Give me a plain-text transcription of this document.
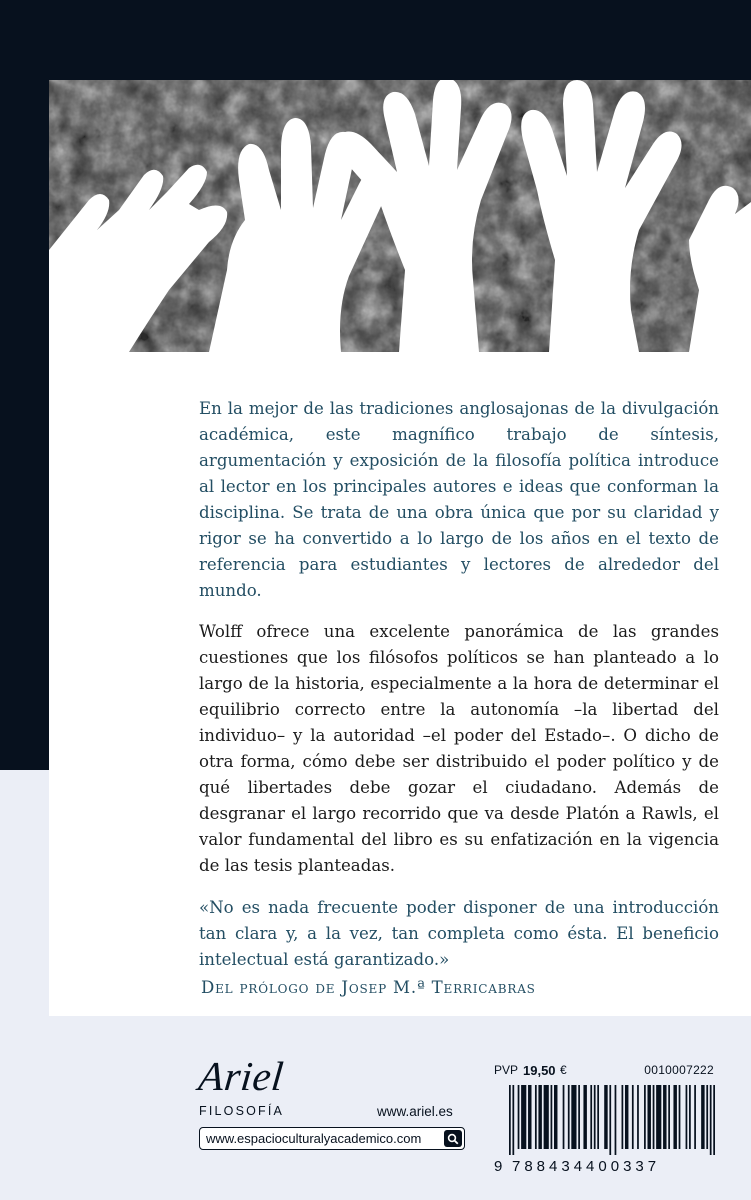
En la mejor de las tradiciones anglosajonas de la divulgación académica, este magnífico trabajo de síntesis, argumentación y exposición de la filosofía política introduce al lector en los principales autores e ideas que conforman la disciplina. Se trata de una obra única que por su claridad y rigor se ha convertido a lo largo de los años en el texto de referencia para estudiantes y lectores de alrededor del mundo.

Wolff ofrece una excelente panorámica de las grandes cuestiones que los filósofos políticos se han planteado a lo largo de la historia, especialmente a la hora de determinar el equilibrio correcto entre la autonomía –la libertad del individuo– y la autoridad –el poder del Estado–. O dicho de otra forma, cómo debe ser distribuido el poder político y de qué libertades debe gozar el ciudadano. Además de desgranar el largo recorrido que va desde Platón a Rawls, el valor fundamental del libro es su enfatización en la vigencia de las tesis planteadas.

«No es nada frecuente poder disponer de una introducción tan clara y, a la vez, tan completa como ésta. El beneficio intelectual está garantizado.»

Del prólogo de Josep M.ª Terricabras

Ariel
FILOSOFÍA	www.ariel.es
www.espacioculturalyacademico.com
PVP 19,50 €	0010007222
9 788434400337
